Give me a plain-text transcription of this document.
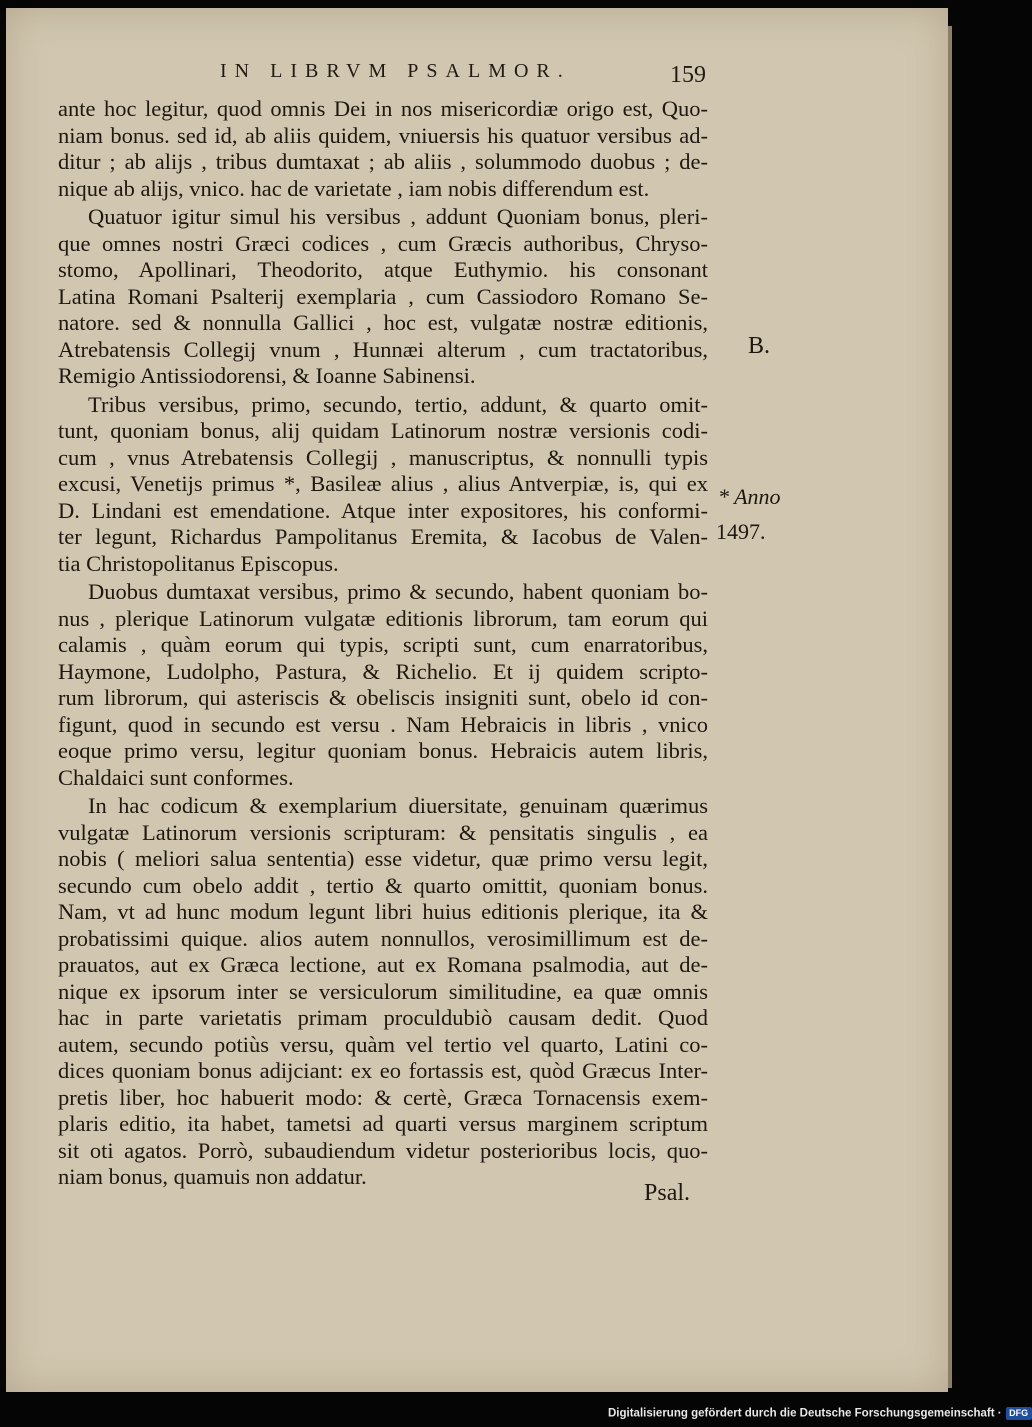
IN LIBRVM PSALMOR.	159
ante hoc legitur, quod omnis Dei in nos misericordiæ origo est, Quo-
niam bonus. sed id, ab aliis quidem, vniuersis his quatuor versibus ad-
ditur ; ab alijs , tribus dumtaxat ; ab aliis , solummodo duobus ; de-
nique ab alijs, vnico. hac de varietate , iam nobis differendum est.
Quatuor igitur simul his versibus , addunt Quoniam bonus, pleri-
que omnes nostri Græci codices , cum Græcis authoribus, Chryso-
stomo, Apollinari, Theodorito, atque Euthymio. his consonant
Latina Romani Psalterij exemplaria , cum Cassiodoro Romano Se-
natore. sed & nonnulla Gallici , hoc est, vulgatæ nostræ editionis,
Atrebatensis Collegij vnum , Hunnæi alterum , cum tractatoribus,
Remigio Antissiodorensi, & Ioanne Sabinensi.
Tribus versibus, primo, secundo, tertio, addunt, & quarto omit-
tunt, quoniam bonus, alij quidam Latinorum nostræ versionis codi-
cum , vnus Atrebatensis Collegij , manuscriptus, & nonnulli typis
excusi, Venetijs primus *, Basileæ alius , alius Antverpiæ, is, qui ex
D. Lindani est emendatione. Atque inter expositores, his conformi-
ter legunt, Richardus Pampolitanus Eremita, & Iacobus de Valen-
tia Christopolitanus Episcopus.
Duobus dumtaxat versibus, primo & secundo, habent quoniam bo-
nus , plerique Latinorum vulgatæ editionis librorum, tam eorum qui
calamis , quàm eorum qui typis, scripti sunt, cum enarratoribus,
Haymone, Ludolpho, Pastura, & Richelio. Et ij quidem scripto-
rum librorum, qui asteriscis & obeliscis insigniti sunt, obelo id con-
figunt, quod in secundo est versu . Nam Hebraicis in libris , vnico
eoque primo versu, legitur quoniam bonus. Hebraicis autem libris,
Chaldaici sunt conformes.
In hac codicum & exemplarium diuersitate, genuinam quærimus
vulgatæ Latinorum versionis scripturam: & pensitatis singulis , ea
nobis ( meliori salua sententia) esse videtur, quæ primo versu legit,
secundo cum obelo addit , tertio & quarto omittit, quoniam bonus.
Nam, vt ad hunc modum legunt libri huius editionis plerique, ita &
probatissimi quique. alios autem nonnullos, verosimillimum est de-
prauatos, aut ex Græca lectione, aut ex Romana psalmodia, aut de-
nique ex ipsorum inter se versiculorum similitudine, ea quæ omnis
hac in parte varietatis primam proculdubiò causam dedit. Quod
autem, secundo potiùs versu, quàm vel tertio vel quarto, Latini co-
dices quoniam bonus adijciant: ex eo fortassis est, quòd Græcus Inter-
pretis liber, hoc habuerit modo: & certè, Græca Tornacensis exem-
plaris editio, ita habet, tametsi ad quarti versus marginem scriptum
sit oti agatos. Porrò, subaudiendum videtur posterioribus locis, quo-
niam bonus, quamuis non addatur.
B.
* Anno
1497.
Psal.
Digitalisierung gefördert durch die Deutsche Forschungsgemeinschaft · DFG
